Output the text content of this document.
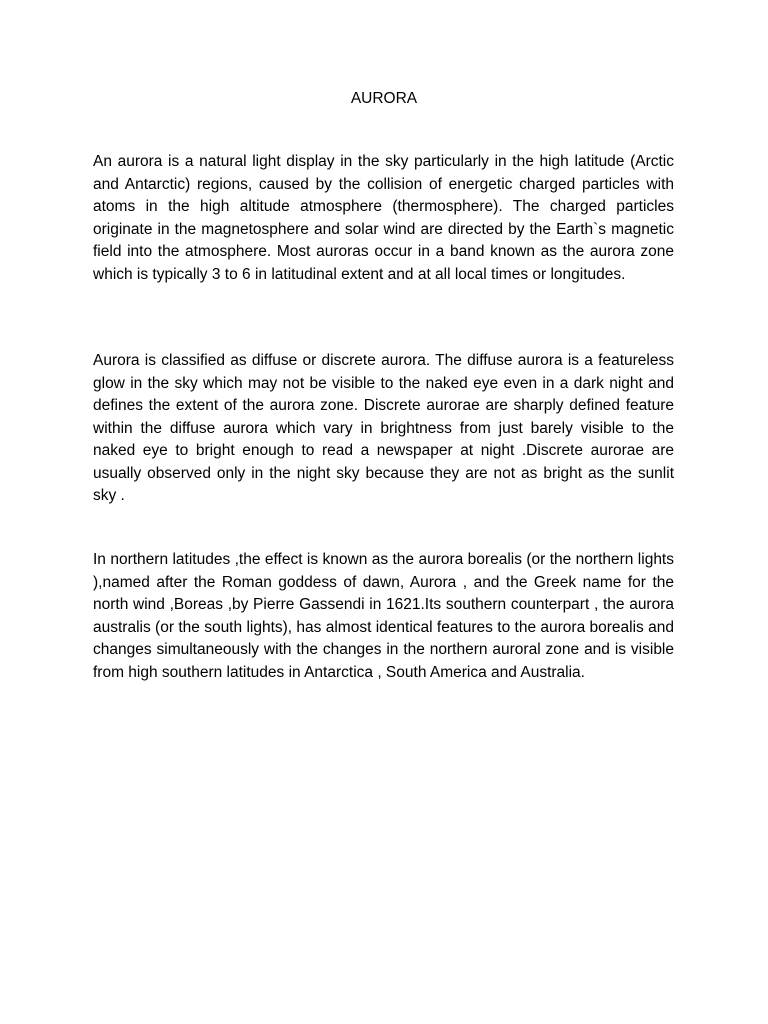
AURORA

An aurora is a natural light display in the sky particularly in the high latitude (Arctic and Antarctic) regions, caused by the collision of energetic charged particles with atoms in the high altitude atmosphere (thermosphere). The charged particles originate in the magnetosphere and solar wind are directed by the Earth`s magnetic field into the atmosphere. Most auroras occur in a band known as the aurora zone which is typically 3 to 6 in latitudinal extent and at all local times or longitudes.

Aurora is classified as diffuse or discrete aurora. The diffuse aurora is a featureless glow in the sky which may not be visible to the naked eye even in a dark night and defines the extent of the aurora zone. Discrete aurorae are sharply defined feature within the diffuse aurora which vary in brightness from just barely visible to the naked eye to bright enough to read a newspaper at night .Discrete aurorae are usually observed only in the night sky because they are not as bright as the sunlit sky .

In northern latitudes ,the effect is known as the aurora borealis (or the northern lights ),named after the Roman goddess of dawn, Aurora , and the Greek name for the north wind ,Boreas ,by Pierre Gassendi in 1621.Its southern counterpart , the aurora australis (or the south lights), has almost identical features to the aurora borealis and changes simultaneously with the changes in the northern auroral zone and is visible from high southern latitudes in Antarctica , South America and Australia.
